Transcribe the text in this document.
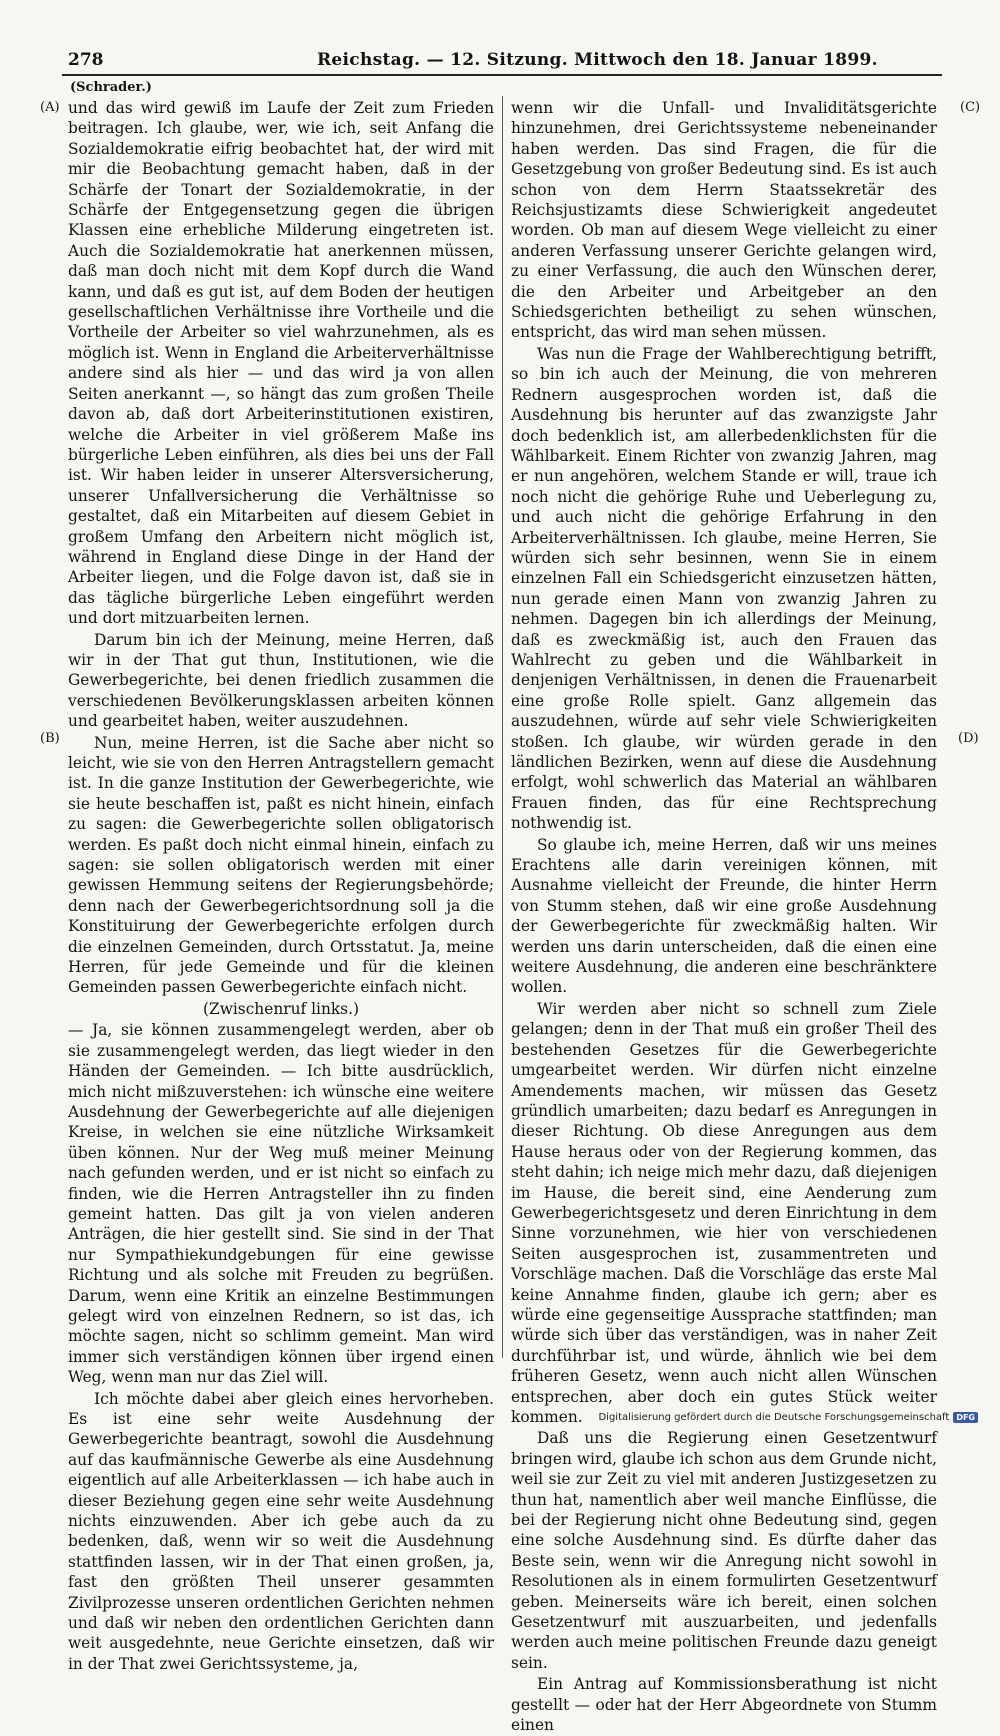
278	Reichstag. — 12. Sitzung. Mittwoch den 18. Januar 1899.
(Schrader.)
(A)
(B)
(C)
(D)

und das wird gewiß im Laufe der Zeit zum Frieden beitragen. Ich glaube, wer, wie ich, seit Anfang die Sozialdemokratie eifrig beobachtet hat, der wird mit mir die Beobachtung gemacht haben, daß in der Schärfe der Tonart der Sozialdemokratie, in der Schärfe der Entgegensetzung gegen die übrigen Klassen eine erhebliche Milderung eingetreten ist. Auch die Sozialdemokratie hat anerkennen müssen, daß man doch nicht mit dem Kopf durch die Wand kann, und daß es gut ist, auf dem Boden der heutigen gesellschaftlichen Verhältnisse ihre Vortheile und die Vortheile der Arbeiter so viel wahrzunehmen, als es möglich ist. Wenn in England die Arbeiterverhältnisse andere sind als hier — und das wird ja von allen Seiten anerkannt —, so hängt das zum großen Theile davon ab, daß dort Arbeiterinstitutionen existiren, welche die Arbeiter in viel größerem Maße ins bürgerliche Leben einführen, als dies bei uns der Fall ist. Wir haben leider in unserer Altersversicherung, unserer Unfallversicherung die Verhältnisse so gestaltet, daß ein Mitarbeiten auf diesem Gebiet in großem Umfang den Arbeitern nicht möglich ist, während in England diese Dinge in der Hand der Arbeiter liegen, und die Folge davon ist, daß sie in das tägliche bürgerliche Leben eingeführt werden und dort mitzuarbeiten lernen.

Darum bin ich der Meinung, meine Herren, daß wir in der That gut thun, Institutionen, wie die Gewerbegerichte, bei denen friedlich zusammen die verschiedenen Bevölkerungsklassen arbeiten können und gearbeitet haben, weiter auszudehnen.

Nun, meine Herren, ist die Sache aber nicht so leicht, wie sie von den Herren Antragstellern gemacht ist. In die ganze Institution der Gewerbegerichte, wie sie heute beschaffen ist, paßt es nicht hinein, einfach zu sagen: die Gewerbegerichte sollen obligatorisch werden. Es paßt doch nicht einmal hinein, einfach zu sagen: sie sollen obligatorisch werden mit einer gewissen Hemmung seitens der Regierungsbehörde; denn nach der Gewerbegerichtsordnung soll ja die Konstituirung der Gewerbegerichte erfolgen durch die einzelnen Gemeinden, durch Ortsstatut. Ja, meine Herren, für jede Gemeinde und für die kleinen Gemeinden passen Gewerbegerichte einfach nicht.

(Zwischenruf links.)

— Ja, sie können zusammengelegt werden, aber ob sie zusammengelegt werden, das liegt wieder in den Händen der Gemeinden. — Ich bitte ausdrücklich, mich nicht mißzuverstehen: ich wünsche eine weitere Ausdehnung der Gewerbegerichte auf alle diejenigen Kreise, in welchen sie eine nützliche Wirksamkeit üben können. Nur der Weg muß meiner Meinung nach gefunden werden, und er ist nicht so einfach zu finden, wie die Herren Antragsteller ihn zu finden gemeint hatten. Das gilt ja von vielen anderen Anträgen, die hier gestellt sind. Sie sind in der That nur Sympathiekundgebungen für eine gewisse Richtung und als solche mit Freuden zu begrüßen. Darum, wenn eine Kritik an einzelne Bestimmungen gelegt wird von einzelnen Rednern, so ist das, ich möchte sagen, nicht so schlimm gemeint. Man wird immer sich verständigen können über irgend einen Weg, wenn man nur das Ziel will.

Ich möchte dabei aber gleich eines hervorheben. Es ist eine sehr weite Ausdehnung der Gewerbegerichte beantragt, sowohl die Ausdehnung auf das kaufmännische Gewerbe als eine Ausdehnung eigentlich auf alle Arbeiterklassen — ich habe auch in dieser Beziehung gegen eine sehr weite Ausdehnung nichts einzuwenden. Aber ich gebe auch da zu bedenken, daß, wenn wir so weit die Ausdehnung stattfinden lassen, wir in der That einen großen, ja, fast den größten Theil unserer gesammten Zivilprozesse unseren ordentlichen Gerichten nehmen und daß wir neben den ordentlichen Gerichten dann weit ausgedehnte, neue Gerichte einsetzen, daß wir in der That zwei Gerichtssysteme, ja,

wenn wir die Unfall- und Invaliditätsgerichte hinzunehmen, drei Gerichtssysteme nebeneinander haben werden. Das sind Fragen, die für die Gesetzgebung von großer Bedeutung sind. Es ist auch schon von dem Herrn Staatssekretär des Reichsjustizamts diese Schwierigkeit angedeutet worden. Ob man auf diesem Wege vielleicht zu einer anderen Verfassung unserer Gerichte gelangen wird, zu einer Verfassung, die auch den Wünschen derer, die den Arbeiter und Arbeitgeber an den Schiedsgerichten betheiligt zu sehen wünschen, entspricht, das wird man sehen müssen.

Was nun die Frage der Wahlberechtigung betrifft, so bin ich auch der Meinung, die von mehreren Rednern ausgesprochen worden ist, daß die Ausdehnung bis herunter auf das zwanzigste Jahr doch bedenklich ist, am allerbedenklichsten für die Wählbarkeit. Einem Richter von zwanzig Jahren, mag er nun angehören, welchem Stande er will, traue ich noch nicht die gehörige Ruhe und Ueberlegung zu, und auch nicht die gehörige Erfahrung in den Arbeiterverhältnissen. Ich glaube, meine Herren, Sie würden sich sehr besinnen, wenn Sie in einem einzelnen Fall ein Schiedsgericht einzusetzen hätten, nun gerade einen Mann von zwanzig Jahren zu nehmen. Dagegen bin ich allerdings der Meinung, daß es zweckmäßig ist, auch den Frauen das Wahlrecht zu geben und die Wählbarkeit in denjenigen Verhältnissen, in denen die Frauenarbeit eine große Rolle spielt. Ganz allgemein das auszudehnen, würde auf sehr viele Schwierigkeiten stoßen. Ich glaube, wir würden gerade in den ländlichen Bezirken, wenn auf diese die Ausdehnung erfolgt, wohl schwerlich das Material an wählbaren Frauen finden, das für eine Rechtsprechung nothwendig ist.

So glaube ich, meine Herren, daß wir uns meines Erachtens alle darin vereinigen können, mit Ausnahme vielleicht der Freunde, die hinter Herrn von Stumm stehen, daß wir eine große Ausdehnung der Gewerbegerichte für zweckmäßig halten. Wir werden uns darin unterscheiden, daß die einen eine weitere Ausdehnung, die anderen eine beschränktere wollen.

Wir werden aber nicht so schnell zum Ziele gelangen; denn in der That muß ein großer Theil des bestehenden Gesetzes für die Gewerbegerichte umgearbeitet werden. Wir dürfen nicht einzelne Amendements machen, wir müssen das Gesetz gründlich umarbeiten; dazu bedarf es Anregungen in dieser Richtung. Ob diese Anregungen aus dem Hause heraus oder von der Regierung kommen, das steht dahin; ich neige mich mehr dazu, daß diejenigen im Hause, die bereit sind, eine Aenderung zum Gewerbegerichtsgesetz und deren Einrichtung in dem Sinne vorzunehmen, wie hier von verschiedenen Seiten ausgesprochen ist, zusammentreten und Vorschläge machen. Daß die Vorschläge das erste Mal keine Annahme finden, glaube ich gern; aber es würde eine gegenseitige Aussprache stattfinden; man würde sich über das verständigen, was in naher Zeit durchführbar ist, und würde, ähnlich wie bei dem früheren Gesetz, wenn auch nicht allen Wünschen entsprechen, aber doch ein gutes Stück weiter kommen.

Daß uns die Regierung einen Gesetzentwurf bringen wird, glaube ich schon aus dem Grunde nicht, weil sie zur Zeit zu viel mit anderen Justizgesetzen zu thun hat, namentlich aber weil manche Einflüsse, die bei der Regierung nicht ohne Bedeutung sind, gegen eine solche Ausdehnung sind. Es dürfte daher das Beste sein, wenn wir die Anregung nicht sowohl in Resolutionen als in einem formulirten Gesetzentwurf geben. Meinerseits wäre ich bereit, einen solchen Gesetzentwurf mit auszuarbeiten, und jedenfalls werden auch meine politischen Freunde dazu geneigt sein.

Ein Antrag auf Kommissionsberathung ist nicht gestellt — oder hat der Herr Abgeordnete von Stumm einen

Digitalisierung gefördert durch die Deutsche Forschungsgemeinschaft DFG
